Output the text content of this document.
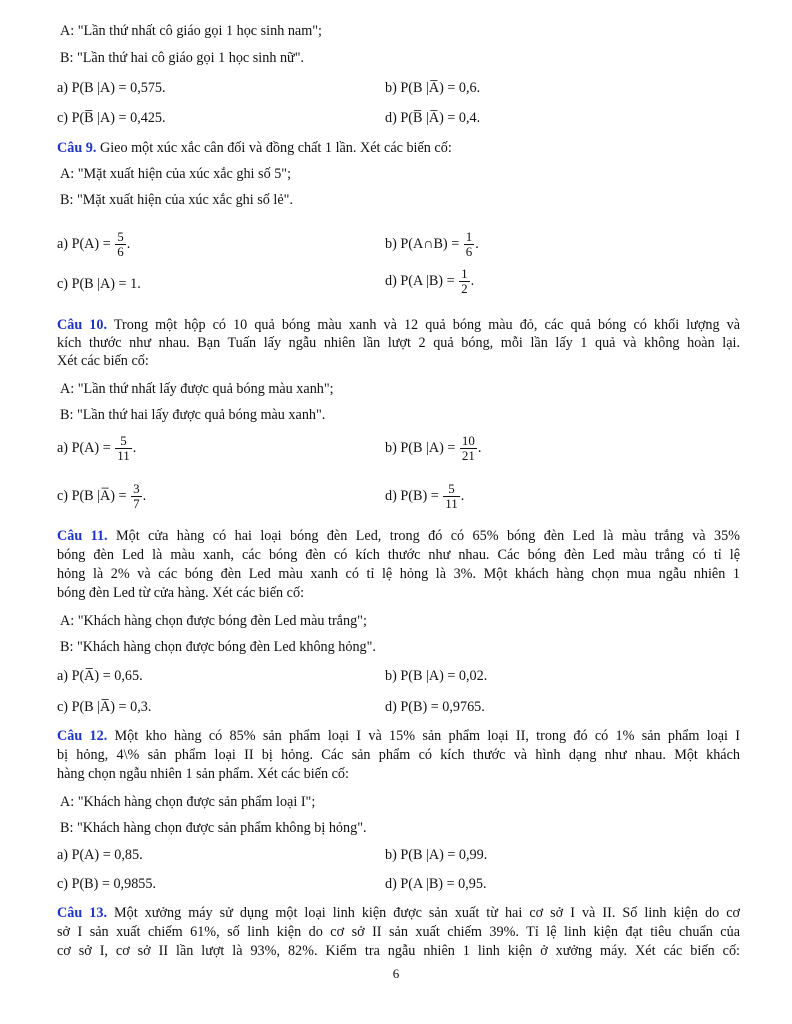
A: "Lần thứ nhất cô giáo gọi 1 học sinh nam";
B: "Lần thứ hai cô giáo gọi 1 học sinh nữ".
a) P(B |A) = 0,575.	b) P(B |A̅) = 0,6.
c) P(B̅ |A) = 0,425.	d) P(B̅ |A̅) = 0,4.
Câu 9. Gieo một xúc xắc cân đối và đồng chất 1 lần. Xét các biến cố:
A: "Mặt xuất hiện của xúc xắc ghi số 5";
B: "Mặt xuất hiện của xúc xắc ghi số lẻ".
a) $P(A) = \frac{5}{6}$ .	b) P(A∩B) = $\frac{1}{6}$ .
c) P(B |A) = 1.	d) P(A $|B) = \frac{1}{2}$ .
Câu 10. Trong một hộp có 10 quả bóng màu xanh và 12 quả bóng màu đỏ, các quả bóng có khối lượng và
kích thước như nhau. Bạn Tuấn lấy ngẫu nhiên lần lượt 2 quả bóng, mỗi lần lấy 1 quả và không hoàn lại.
Xét các biến cố:
A: "Lần thứ nhất lấy được quả bóng màu xanh";
B: "Lần thứ hai lấy được quả bóng màu xanh".
a) $P(A) = \frac{5}{11}$ .	b) P(B $|A) = \frac{10}{21}$ .
c) P(B |A̅) = $\frac{3}{7}$ .	d) $P(B) = \frac{5}{11}$ .
Câu 11. Một cửa hàng có hai loại bóng đèn Led, trong đó có 65% bóng đèn Led là màu trắng và 35%
bóng đèn Led là màu xanh, các bóng đèn có kích thước như nhau. Các bóng đèn Led màu trắng có tỉ lệ
hỏng là 2% và các bóng đèn Led màu xanh có tỉ lệ hỏng là 3%. Một khách hàng chọn mua ngẫu nhiên 1
bóng đèn Led từ cửa hàng. Xét các biến cố:
A: "Khách hàng chọn được bóng đèn Led màu trắng";
B: "Khách hàng chọn được bóng đèn Led không hỏng".
a) P(A̅) = 0,65.	b) P(B |A) = 0,02.
c) P(B |A̅) = 0,3.	d) P(B) = 0,9765.
Câu 12. Một kho hàng có 85% sản phẩm loại I và 15% sản phẩm loại II, trong đó có 1% sản phẩm loại I
bị hỏng, 4\% sản phẩm loại II bị hỏng. Các sản phẩm có kích thước và hình dạng như nhau. Một khách
hàng chọn ngẫu nhiên 1 sản phẩm. Xét các biến cố:
A: "Khách hàng chọn được sản phẩm loại I";
B: "Khách hàng chọn được sản phẩm không bị hỏng".
a) P(A) = 0,85.	b) P(B |A) = 0,99.
c) P(B) = 0,9855.	d) P(A |B) = 0,95.
Câu 13. Một xưởng máy sử dụng một loại linh kiện được sản xuất từ hai cơ sở I và II. Số linh kiện do cơ
sở I sản xuất chiếm 61%, số linh kiện do cơ sở II sản xuất chiếm 39%. Tỉ lệ linh kiện đạt tiêu chuẩn của
cơ sở I, cơ sở II lần lượt là 93%, 82%. Kiểm tra ngẫu nhiên 1 linh kiện ở xưởng máy. Xét các biến cố:
6
